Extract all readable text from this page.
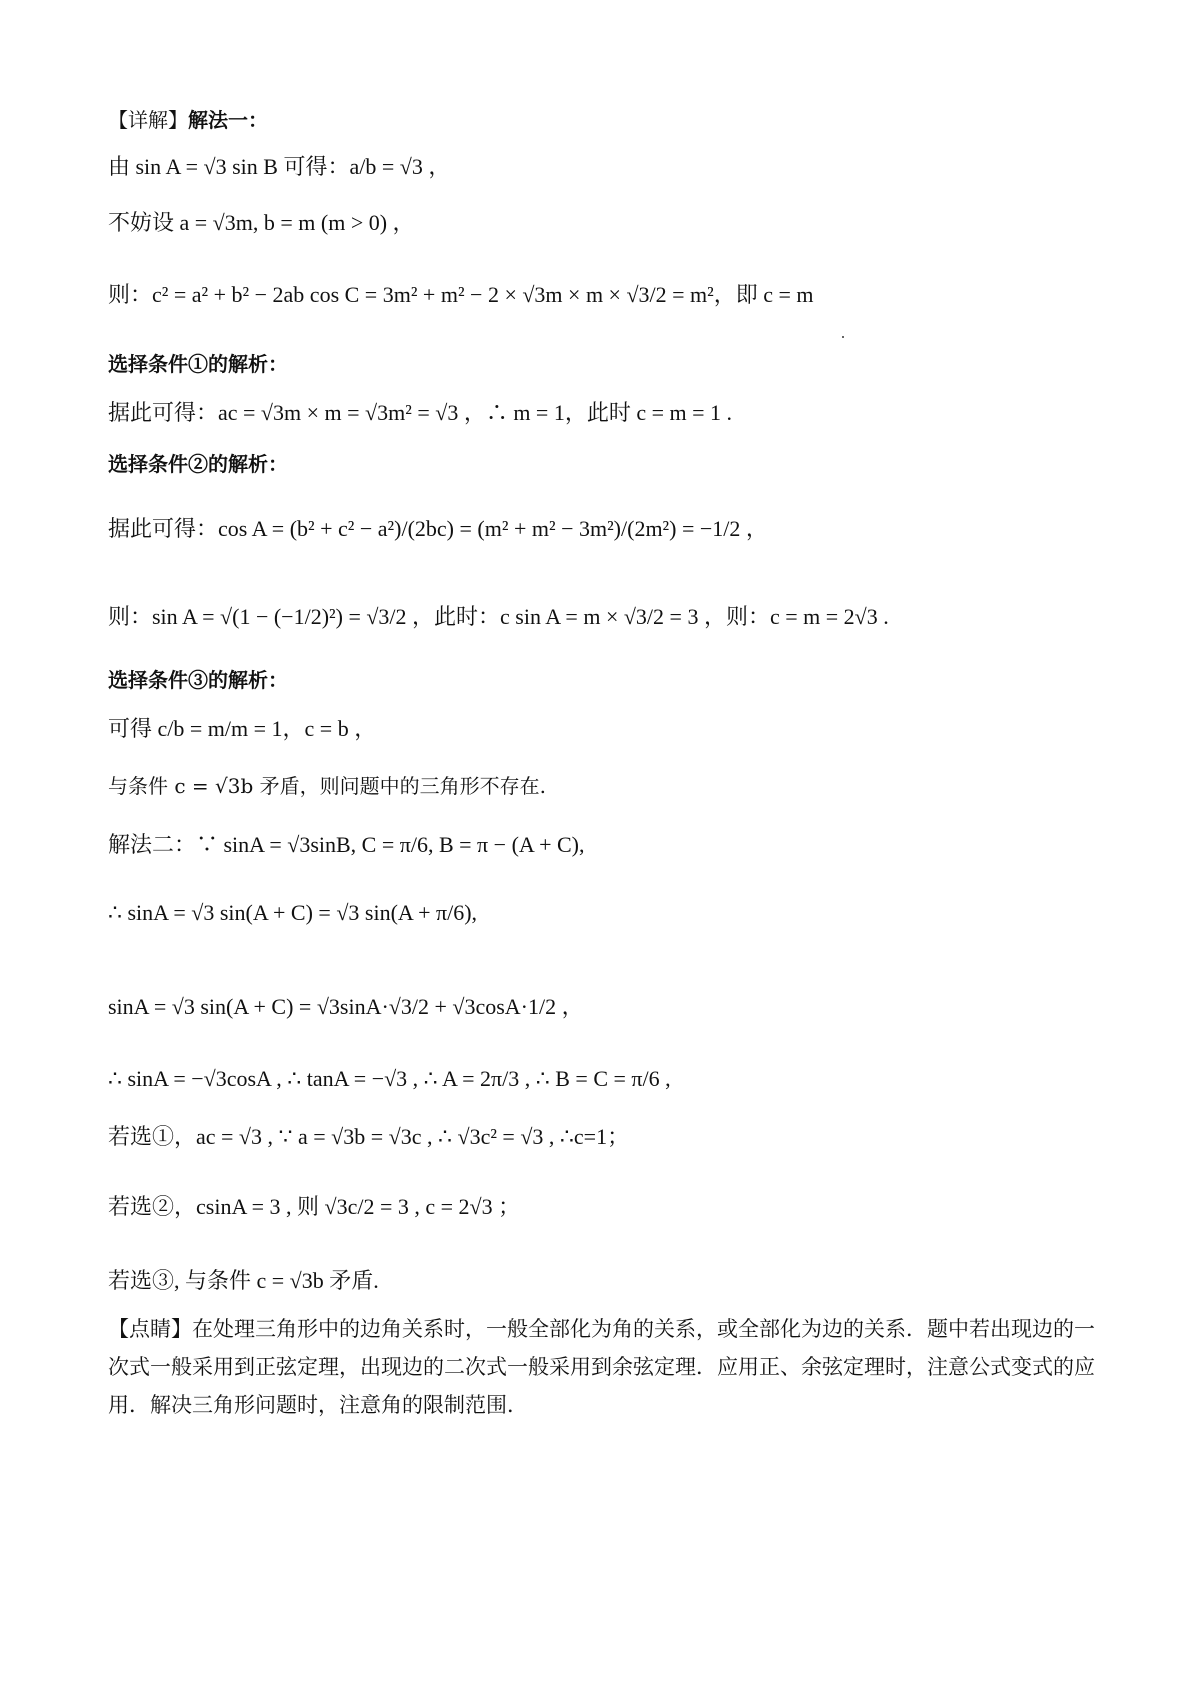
【详解】解法一：
由 sin A = √3 sin B 可得：a/b = √3 ，
不妨设 a = √3m, b = m (m > 0) ，
则：c² = a² + b² − 2ab cos C = 3m² + m² − 2 × √3m × m × √3/2 = m²，即 c = m
选择条件①的解析：
据此可得：ac = √3m × m = √3m² = √3 ，∴ m = 1，此时 c = m = 1 .
选择条件②的解析：
据此可得：cos A = (b² + c² − a²)/(2bc) = (m² + m² − 3m²)/(2m²) = −1/2 ，
则：sin A = √(1 − (−1/2)²) = √3/2 ，此时：c sin A = m × √3/2 = 3 ，则：c = m = 2√3 .
选择条件③的解析：
可得 c/b = m/m = 1，c = b ，
与条件 c = √3b 矛盾，则问题中的三角形不存在.
解法二：∵ sinA = √3sinB, C = π/6, B = π − (A + C),
∴ sinA = √3 sin(A + C) = √3 sin(A + π/6),
sinA = √3 sin(A + C) = √3sinA·√3/2 + √3cosA·1/2 ，
∴ sinA = −√3cosA , ∴ tanA = −√3 , ∴ A = 2π/3 , ∴ B = C = π/6 ,
若选①，ac = √3 , ∵ a = √3b = √3c , ∴ √3c² = √3 , ∴c=1；
若选②，csinA = 3 , 则 √3c/2 = 3 , c = 2√3 ；
若选③, 与条件 c = √3b 矛盾.
【点睛】在处理三角形中的边角关系时，一般全部化为角的关系，或全部化为边的关系．题中若出现边的一次式一般采用到正弦定理，出现边的二次式一般采用到余弦定理．应用正、余弦定理时，注意公式变式的应用．解决三角形问题时，注意角的限制范围．
